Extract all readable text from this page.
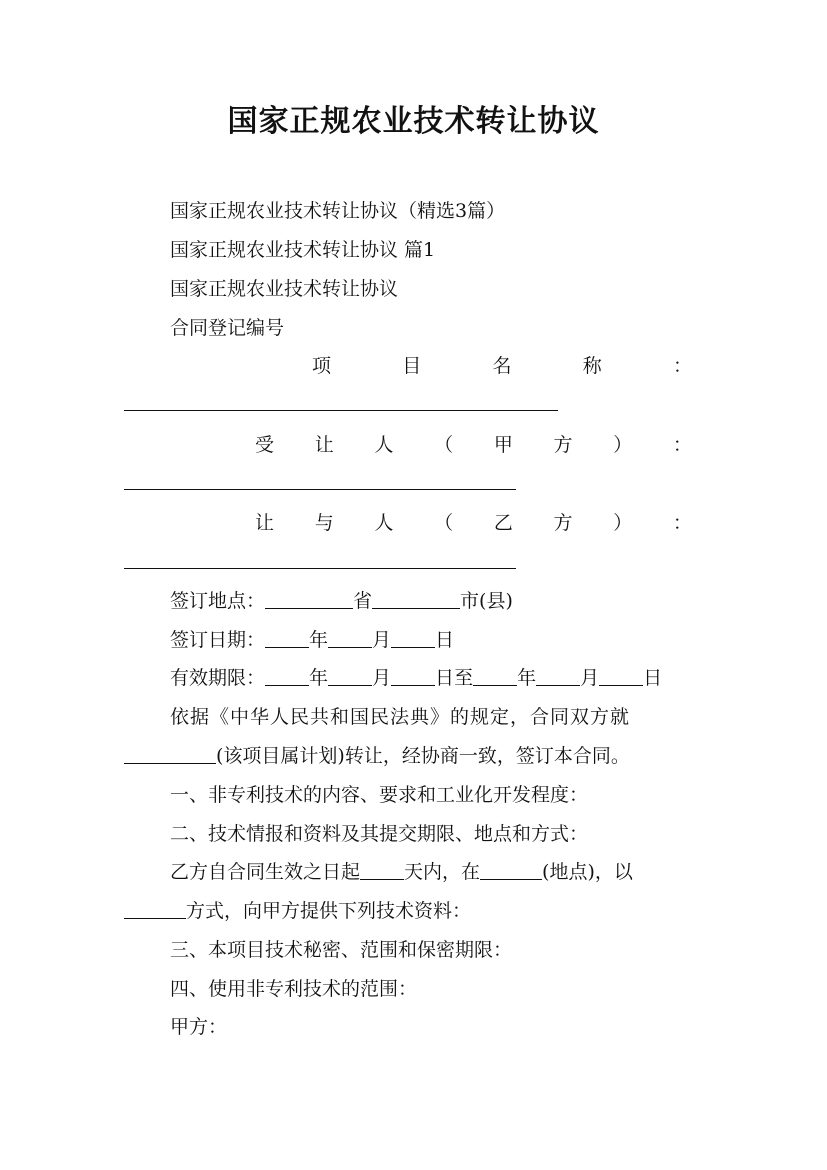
国家正规农业技术转让协议
国家正规农业技术转让协议（精选3篇）
国家正规农业技术转让协议 篇1
国家正规农业技术转让协议
合同登记编号
项	目	名	称	：
受 让 人 （ 甲 方 ） ：
让 与 人 （ 乙 方 ） ：
签订地点：	省	市(县)
签订日期： 年 月 日
有效期限： 年 月 日至 年 月 日
依据《中华人民共和国民法典》的规定，合同双方就
(该项目属计划)转让，经协商一致，签订本合同。
一、非专利技术的内容、要求和工业化开发程度：
二、技术情报和资料及其提交期限、地点和方式：
乙方自合同生效之日起 天内，在	(地点)，以
方式，向甲方提供下列技术资料：
三、本项目技术秘密、范围和保密期限：
四、使用非专利技术的范围：
甲方：
